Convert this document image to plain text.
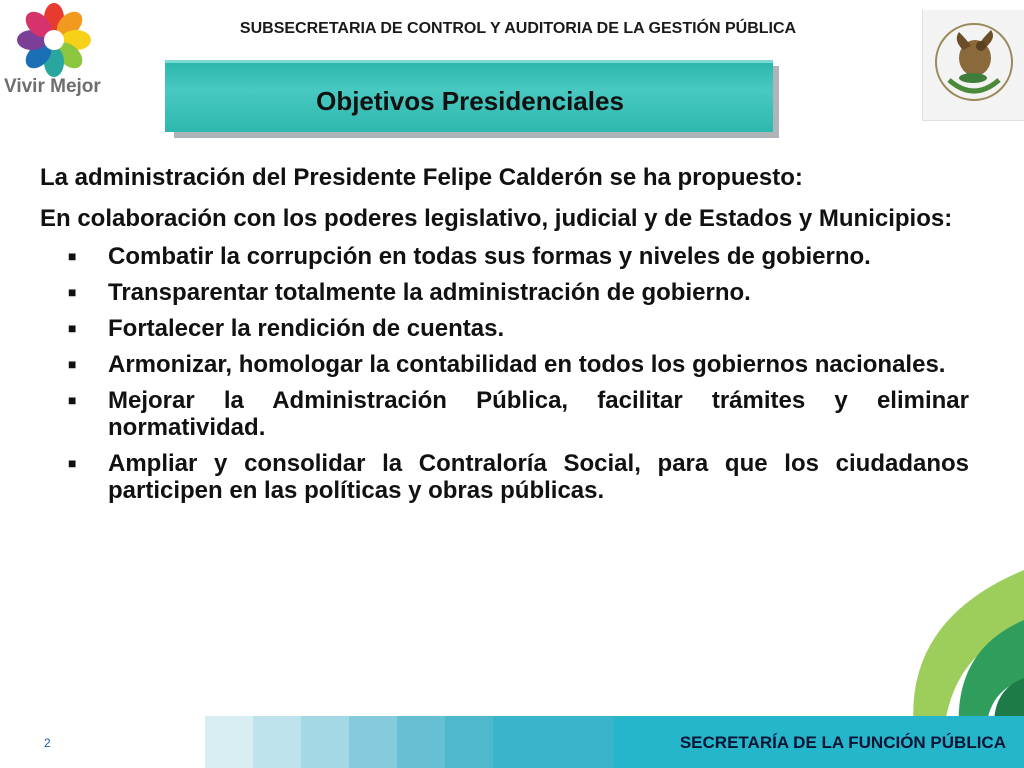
Vivir Mejor
SUBSECRETARIA DE CONTROL Y AUDITORIA DE LA GESTIÓN PÚBLICA
Objetivos Presidenciales

La administración del Presidente Felipe Calderón se ha propuesto:

En colaboración con los poderes legislativo, judicial y de Estados y Municipios:

■ Combatir la corrupción en todas sus formas y niveles de gobierno.
■ Transparentar totalmente la administración de gobierno.
■ Fortalecer la rendición de cuentas.
■ Armonizar, homologar la contabilidad en todos los gobiernos nacionales.
■ Mejorar la Administración Pública, facilitar trámites y eliminar normatividad.
■ Ampliar y consolidar la Contraloría Social, para que los ciudadanos participen en las políticas y obras públicas.
2	SECRETARÍA DE LA FUNCIÓN PÚBLICA
